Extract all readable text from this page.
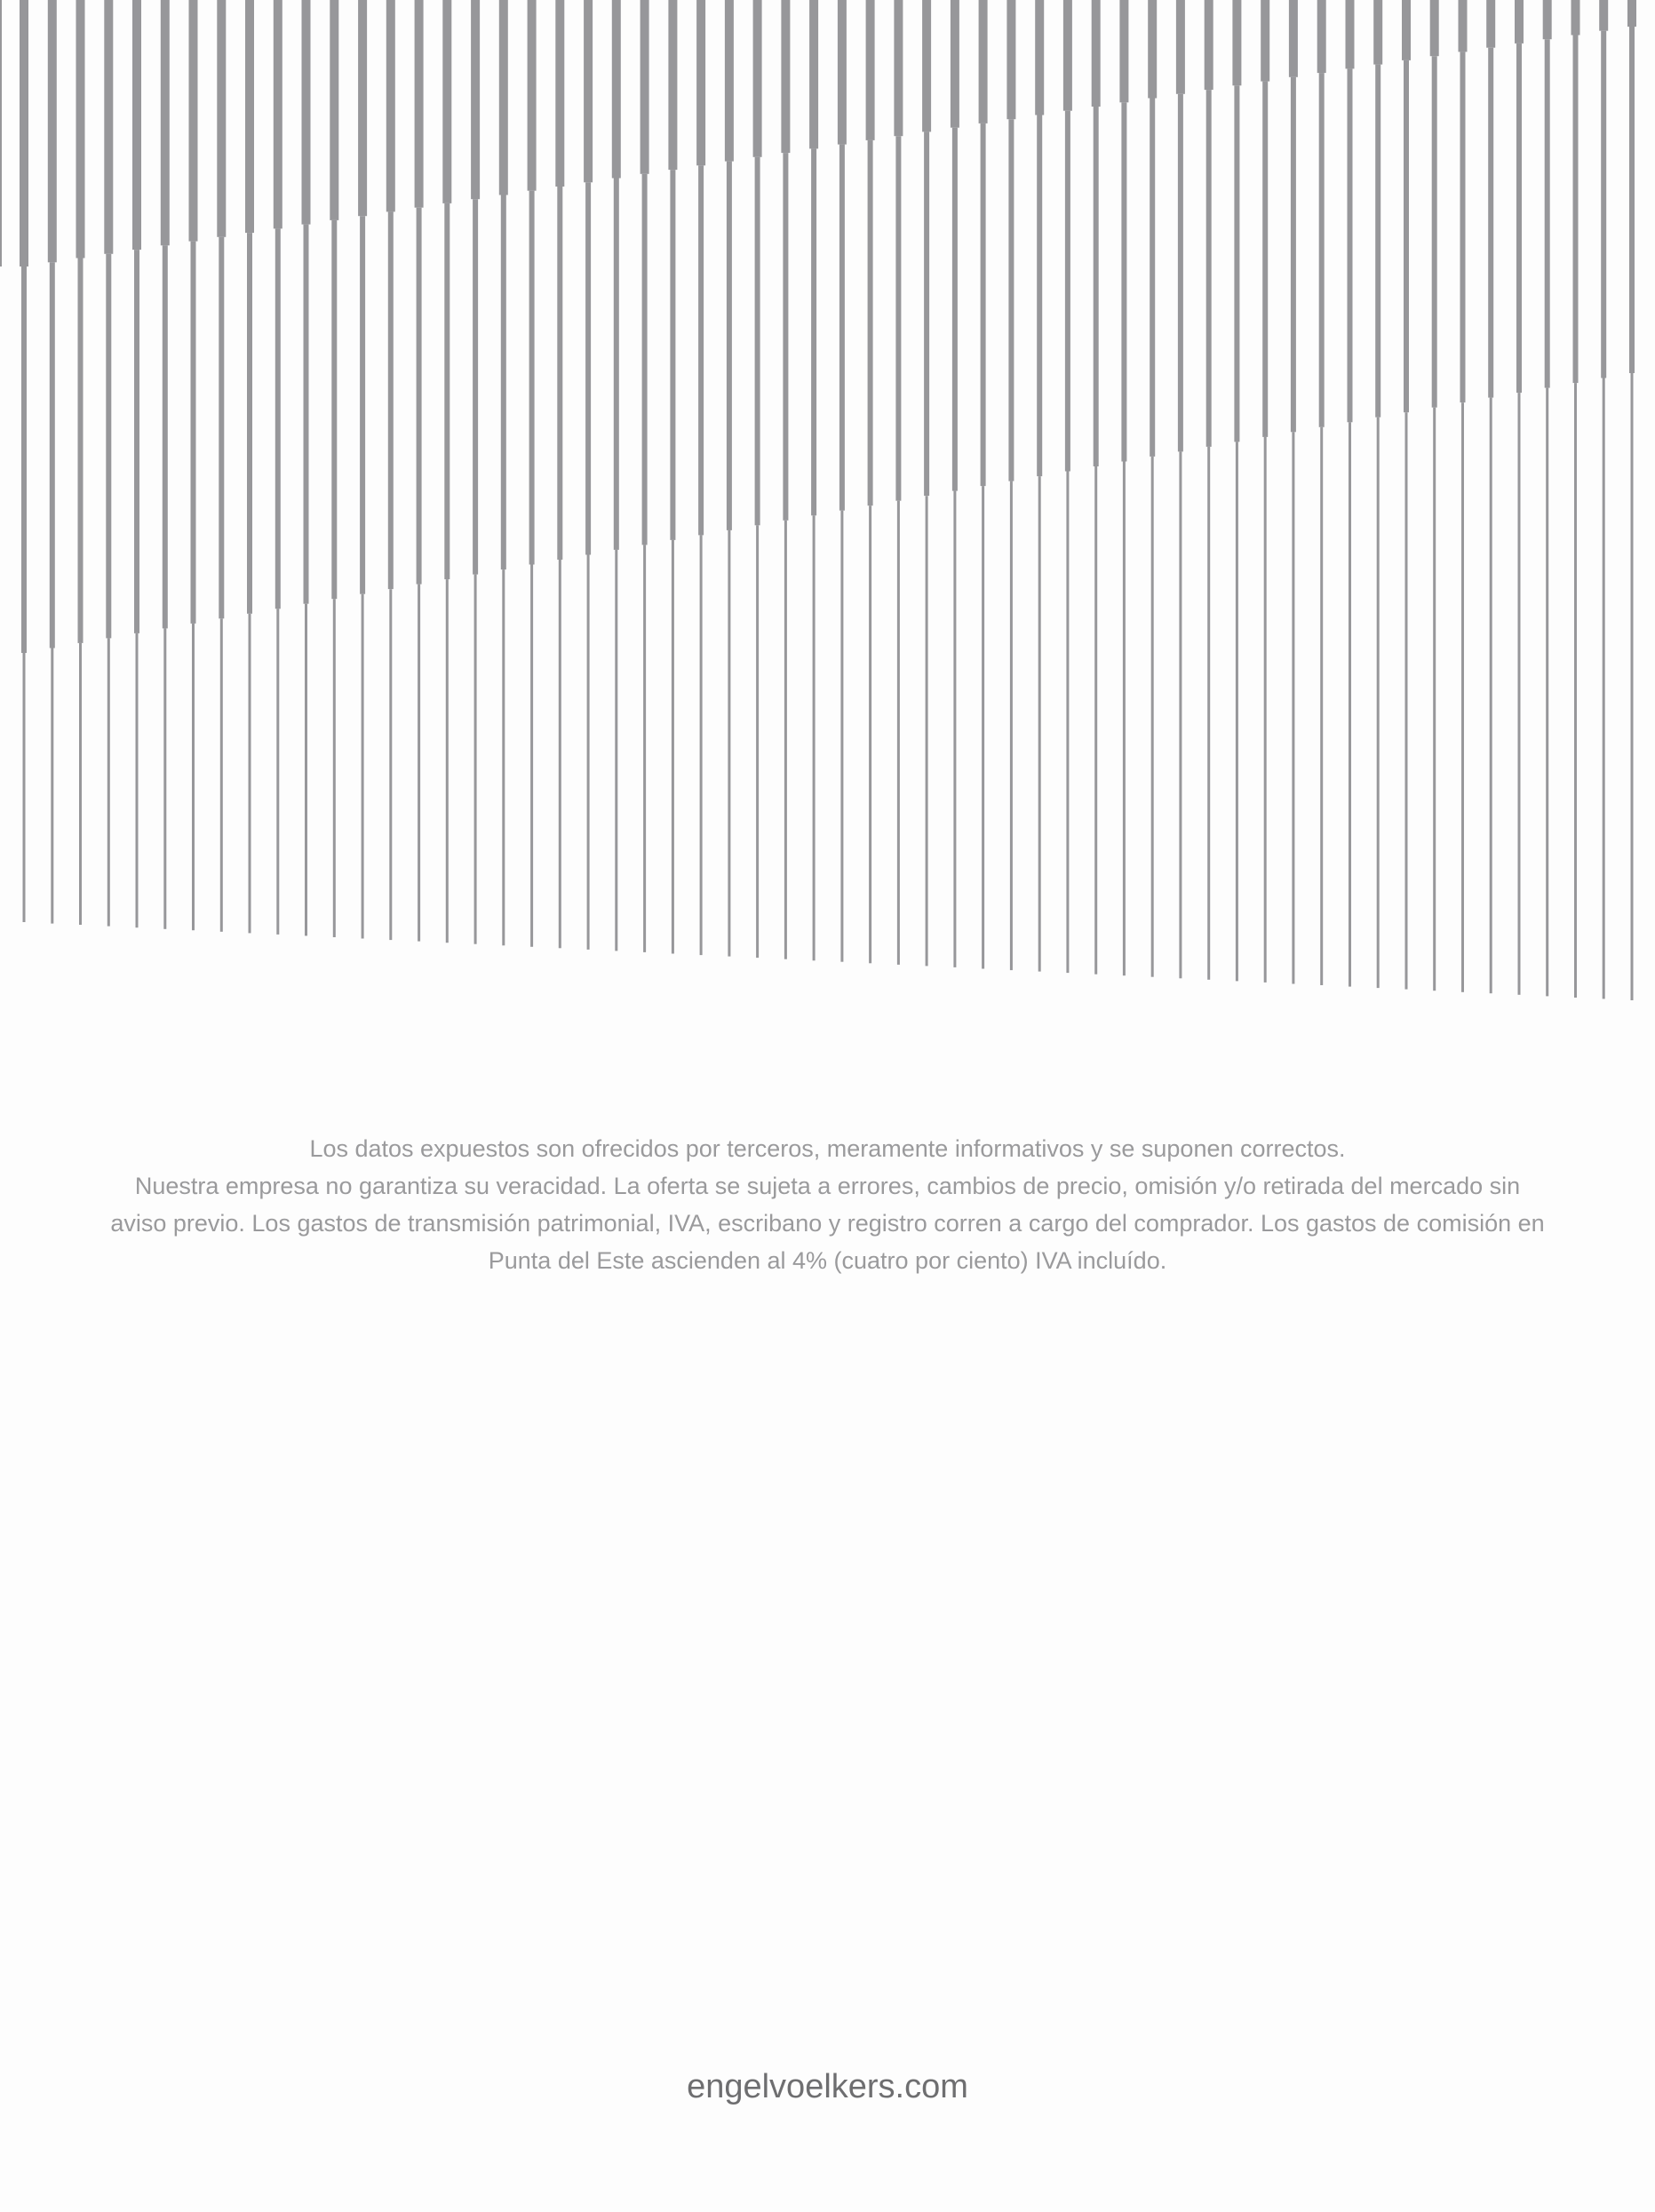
Los datos expuestos son ofrecidos por terceros, meramente informativos y se suponen correctos.

Nuestra empresa no garantiza su veracidad. La oferta se sujeta a errores, cambios de precio, omisión y/o retirada del mercado sin aviso previo. Los gastos de transmisión patrimonial, IVA, escribano y registro corren a cargo del comprador. Los gastos de comisión en Punta del Este ascienden al 4% (cuatro por ciento) IVA incluído.

engelvoelkers.com
